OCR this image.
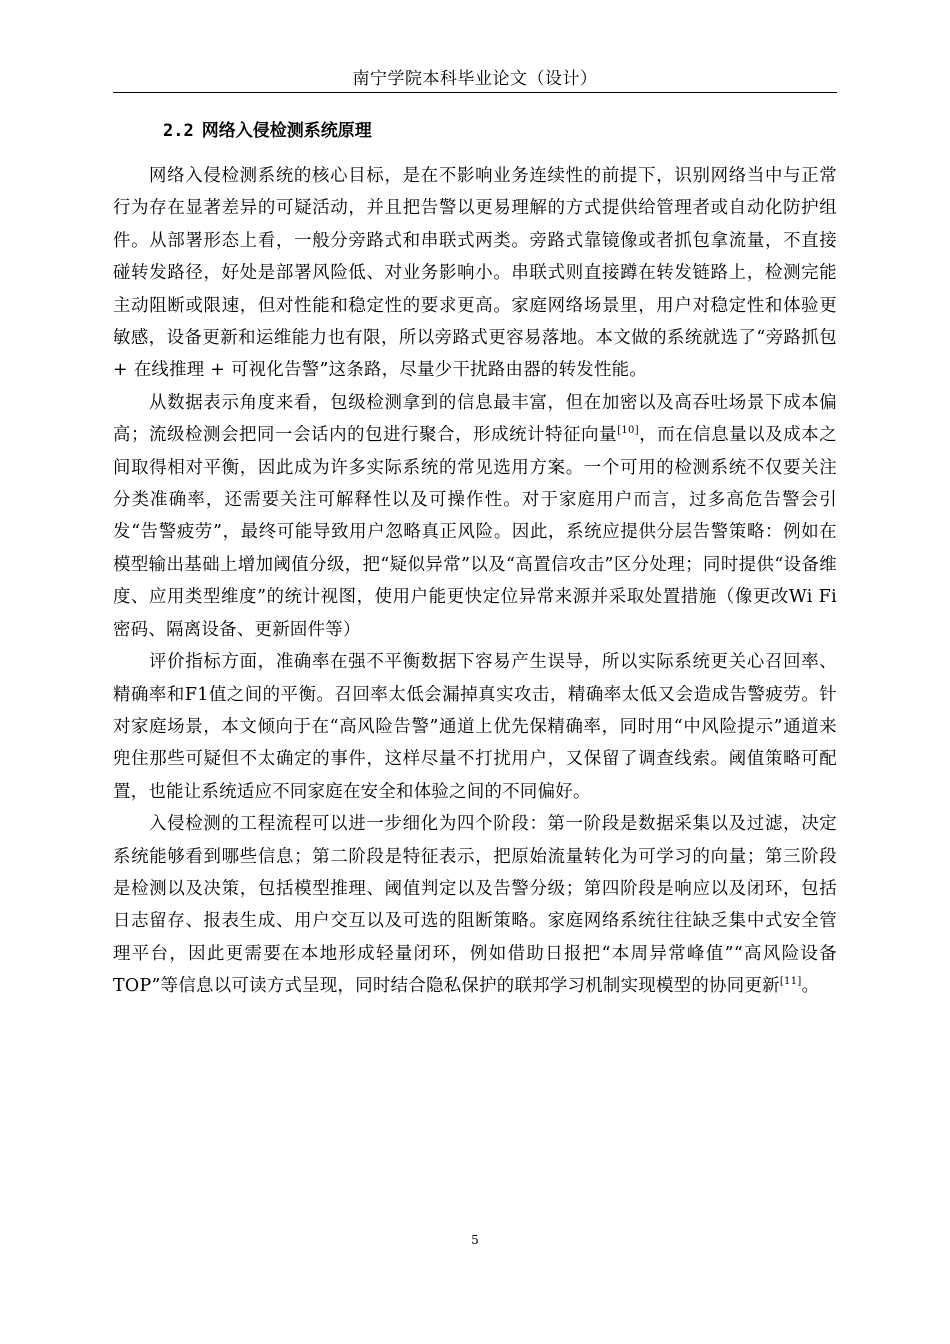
南宁学院本科毕业论文（设计）
2.2 网络入侵检测系统原理

网络入侵检测系统的核心目标，是在不影响业务连续性的前提下，识别网络当中与正常行为存在显著差异的可疑活动，并且把告警以更易理解的方式提供给管理者或自动化防护组件。从部署形态上看，一般分旁路式和串联式两类。旁路式靠镜像或者抓包拿流量，不直接碰转发路径，好处是部署风险低、对业务影响小。串联式则直接蹲在转发链路上，检测完能主动阻断或限速，但对性能和稳定性的要求更高。家庭网络场景里，用户对稳定性和体验更敏感，设备更新和运维能力也有限，所以旁路式更容易落地。本文做的系统就选了“旁路抓包 + 在线推理 + 可视化告警”这条路，尽量少干扰路由器的转发性能。

从数据表示角度来看，包级检测拿到的信息最丰富，但在加密以及高吞吐场景下成本偏高；流级检测会把同一会话内的包进行聚合，形成统计特征向量[10]，而在信息量以及成本之间取得相对平衡，因此成为许多实际系统的常见选用方案。一个可用的检测系统不仅要关注分类准确率，还需要关注可解释性以及可操作性。对于家庭用户而言，过多高危告警会引发“告警疲劳”，最终可能导致用户忽略真正风险。因此，系统应提供分层告警策略：例如在模型输出基础上增加阈值分级，把“疑似异常”以及“高置信攻击”区分处理；同时提供“设备维度、应用类型维度”的统计视图，使用户能更快定位异常来源并采取处置措施（像更改Wi Fi密码、隔离设备、更新固件等）

评价指标方面，准确率在强不平衡数据下容易产生误导，所以实际系统更关心召回率、精确率和F1值之间的平衡。召回率太低会漏掉真实攻击，精确率太低又会造成告警疲劳。针对家庭场景，本文倾向于在“高风险告警”通道上优先保精确率，同时用“中风险提示”通道来兜住那些可疑但不太确定的事件，这样尽量不打扰用户，又保留了调查线索。阈值策略可配置，也能让系统适应不同家庭在安全和体验之间的不同偏好。

入侵检测的工程流程可以进一步细化为四个阶段：第一阶段是数据采集以及过滤，决定系统能够看到哪些信息；第二阶段是特征表示，把原始流量转化为可学习的向量；第三阶段是检测以及决策，包括模型推理、阈值判定以及告警分级；第四阶段是响应以及闭环，包括日志留存、报表生成、用户交互以及可选的阻断策略。家庭网络系统往往缺乏集中式安全管理平台，因此更需要在本地形成轻量闭环，例如借助日报把“本周异常峰值”“高风险设备TOP”等信息以可读方式呈现，同时结合隐私保护的联邦学习机制实现模型的协同更新[11]。

5
